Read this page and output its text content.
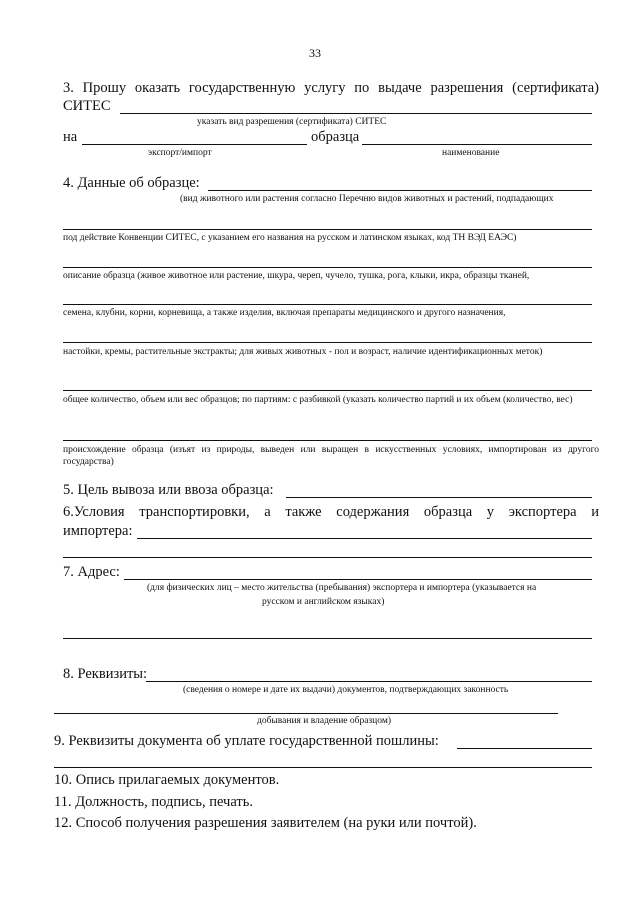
33
3. Прошу оказать государственную услугу по выдаче разрешения (сертификата)
СИТЕС
указать вид разрешения (сертификата) СИТЕС
на	образца
экспорт/импорт	наименование
4. Данные об образце:
(вид животного или растения согласно Перечню видов животных и растений, подпадающих
под действие Конвенции СИТЕС, с указанием его названия на русском и латинском языках, код ТН ВЭД ЕАЭС)
описание образца (живое животное или растение, шкура, череп, чучело, тушка, рога, клыки, икра, образцы тканей,
семена, клубни, корни, корневища, а также изделия, включая препараты медицинского и другого назначения,
настойки, кремы, растительные экстракты; для живых животных - пол и возраст, наличие идентификационных меток)
общее количество, объем или вес образцов; по партиям: с разбивкой (указать количество партий и их объем (количество, вес)
происхождение образца (изъят из природы, выведен или выращен в искусственных условиях, импортирован из другого государства)
5. Цель вывоза или ввоза образца:
6.Условия транспортировки, а также содержания образца у экспортера и
импортера:
7. Адрес:
(для физических лиц – место жительства (пребывания) экспортера и импортера (указывается на
русском и английском языках)
8. Реквизиты:
(сведения о номере и дате их выдачи) документов, подтверждающих законность
добывания и владение образцом)
9. Реквизиты документа об уплате государственной пошлины:
10. Опись прилагаемых документов.
11. Должность, подпись, печать.
12. Способ получения разрешения заявителем (на руки или почтой).
